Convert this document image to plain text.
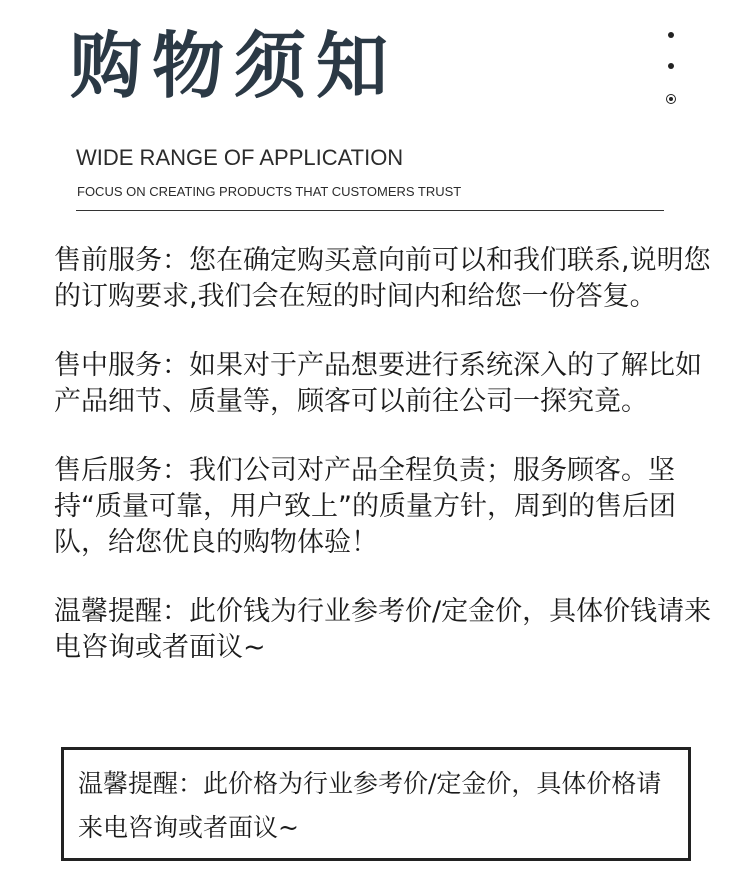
购物须知
WIDE RANGE OF APPLICATION
FOCUS ON CREATING PRODUCTS THAT CUSTOMERS TRUST

售前服务：您在确定购买意向前可以和我们联系,说明您的订购要求,我们会在短的时间内和给您一份答复。

售中服务：如果对于产品想要进行系统深入的了解比如产品细节、质量等，顾客可以前往公司一探究竟。

售后服务：我们公司对产品全程负责；服务顾客。坚持“质量可靠，用户致上”的质量方针，周到的售后团队，给您优良的购物体验！

温馨提醒：此价钱为行业参考价/定金价，具体价钱请来电咨询或者面议~

温馨提醒：此价格为行业参考价/定金价，具体价格请来电咨询或者面议~
